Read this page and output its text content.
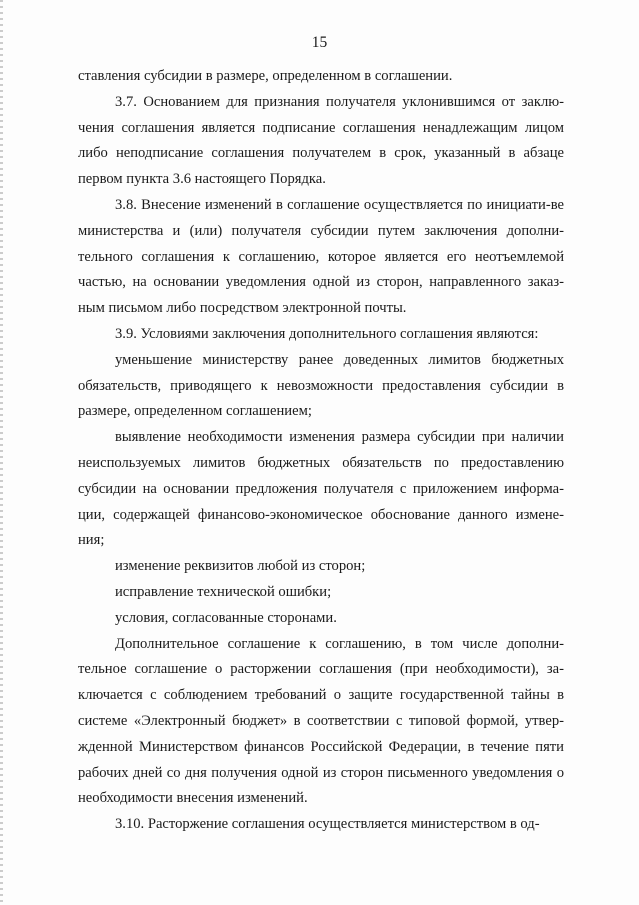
15

ставления субсидии в размере, определенном в соглашении.

3.7. Основанием для признания получателя уклонившимся от заклю-чения соглашения является подписание соглашения ненадлежащим лицом либо неподписание соглашения получателем в срок, указанный в абзаце первом пункта 3.6 настоящего Порядка.

3.8. Внесение изменений в соглашение осуществляется по инициати-ве министерства и (или) получателя субсидии путем заключения дополни-тельного соглашения к соглашению, которое является его неотъемлемой частью, на основании уведомления одной из сторон, направленного заказ-ным письмом либо посредством электронной почты.

3.9. Условиями заключения дополнительного соглашения являются:

уменьшение министерству ранее доведенных лимитов бюджетных обязательств, приводящего к невозможности предоставления субсидии в размере, определенном соглашением;

выявление необходимости изменения размера субсидии при наличии неиспользуемых лимитов бюджетных обязательств по предоставлению субсидии на основании предложения получателя с приложением информа-ции, содержащей финансово-экономическое обоснование данного измене-ния;

изменение реквизитов любой из сторон;

исправление технической ошибки;

условия, согласованные сторонами.

Дополнительное соглашение к соглашению, в том числе дополни-тельное соглашение о расторжении соглашения (при необходимости), за-ключается с соблюдением требований о защите государственной тайны в системе «Электронный бюджет» в соответствии с типовой формой, утвер-жденной Министерством финансов Российской Федерации, в течение пяти рабочих дней со дня получения одной из сторон письменного уведомления о необходимости внесения изменений.

3.10. Расторжение соглашения осуществляется министерством в од-
